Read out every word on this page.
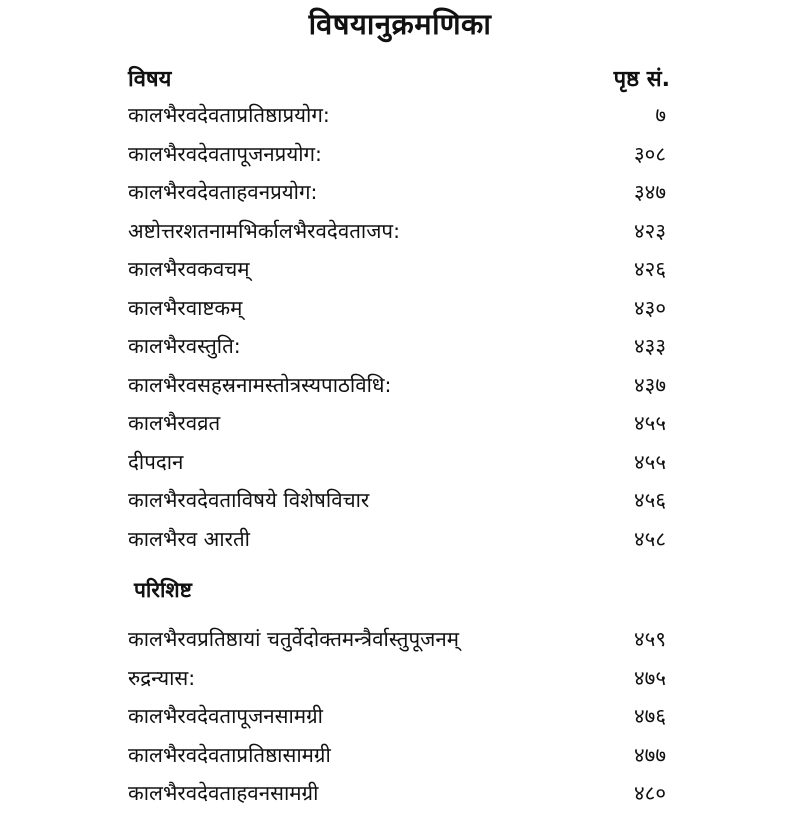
विषयानुक्रमणिका
विषय	पृष्ठ सं.
कालभैरवदेवताप्रतिष्ठाप्रयोग:	७
कालभैरवदेवतापूजनप्रयोग:	३०८
कालभैरवदेवताहवनप्रयोग:	३४७
अष्टोत्तरशतनामभिर्कालभैरवदेवताजप:	४२३
कालभैरवकवचम्	४२६
कालभैरवाष्टकम्	४३०
कालभैरवस्तुति:	४३३
कालभैरवसहस्रनामस्तोत्रस्यपाठविधि:	४३७
कालभैरवव्रत	४५५
दीपदान	४५५
कालभैरवदेवताविषये विशेषविचार	४५६
कालभैरव आरती	४५८
परिशिष्ट
कालभैरवप्रतिष्ठायां चतुर्वेदोक्तमन्त्रैर्वास्तुपूजनम्	४५९
रुद्रन्यास:	४७५
कालभैरवदेवतापूजनसामग्री	४७६
कालभैरवदेवताप्रतिष्ठासामग्री	४७७
कालभैरवदेवताहवनसामग्री	४८०
